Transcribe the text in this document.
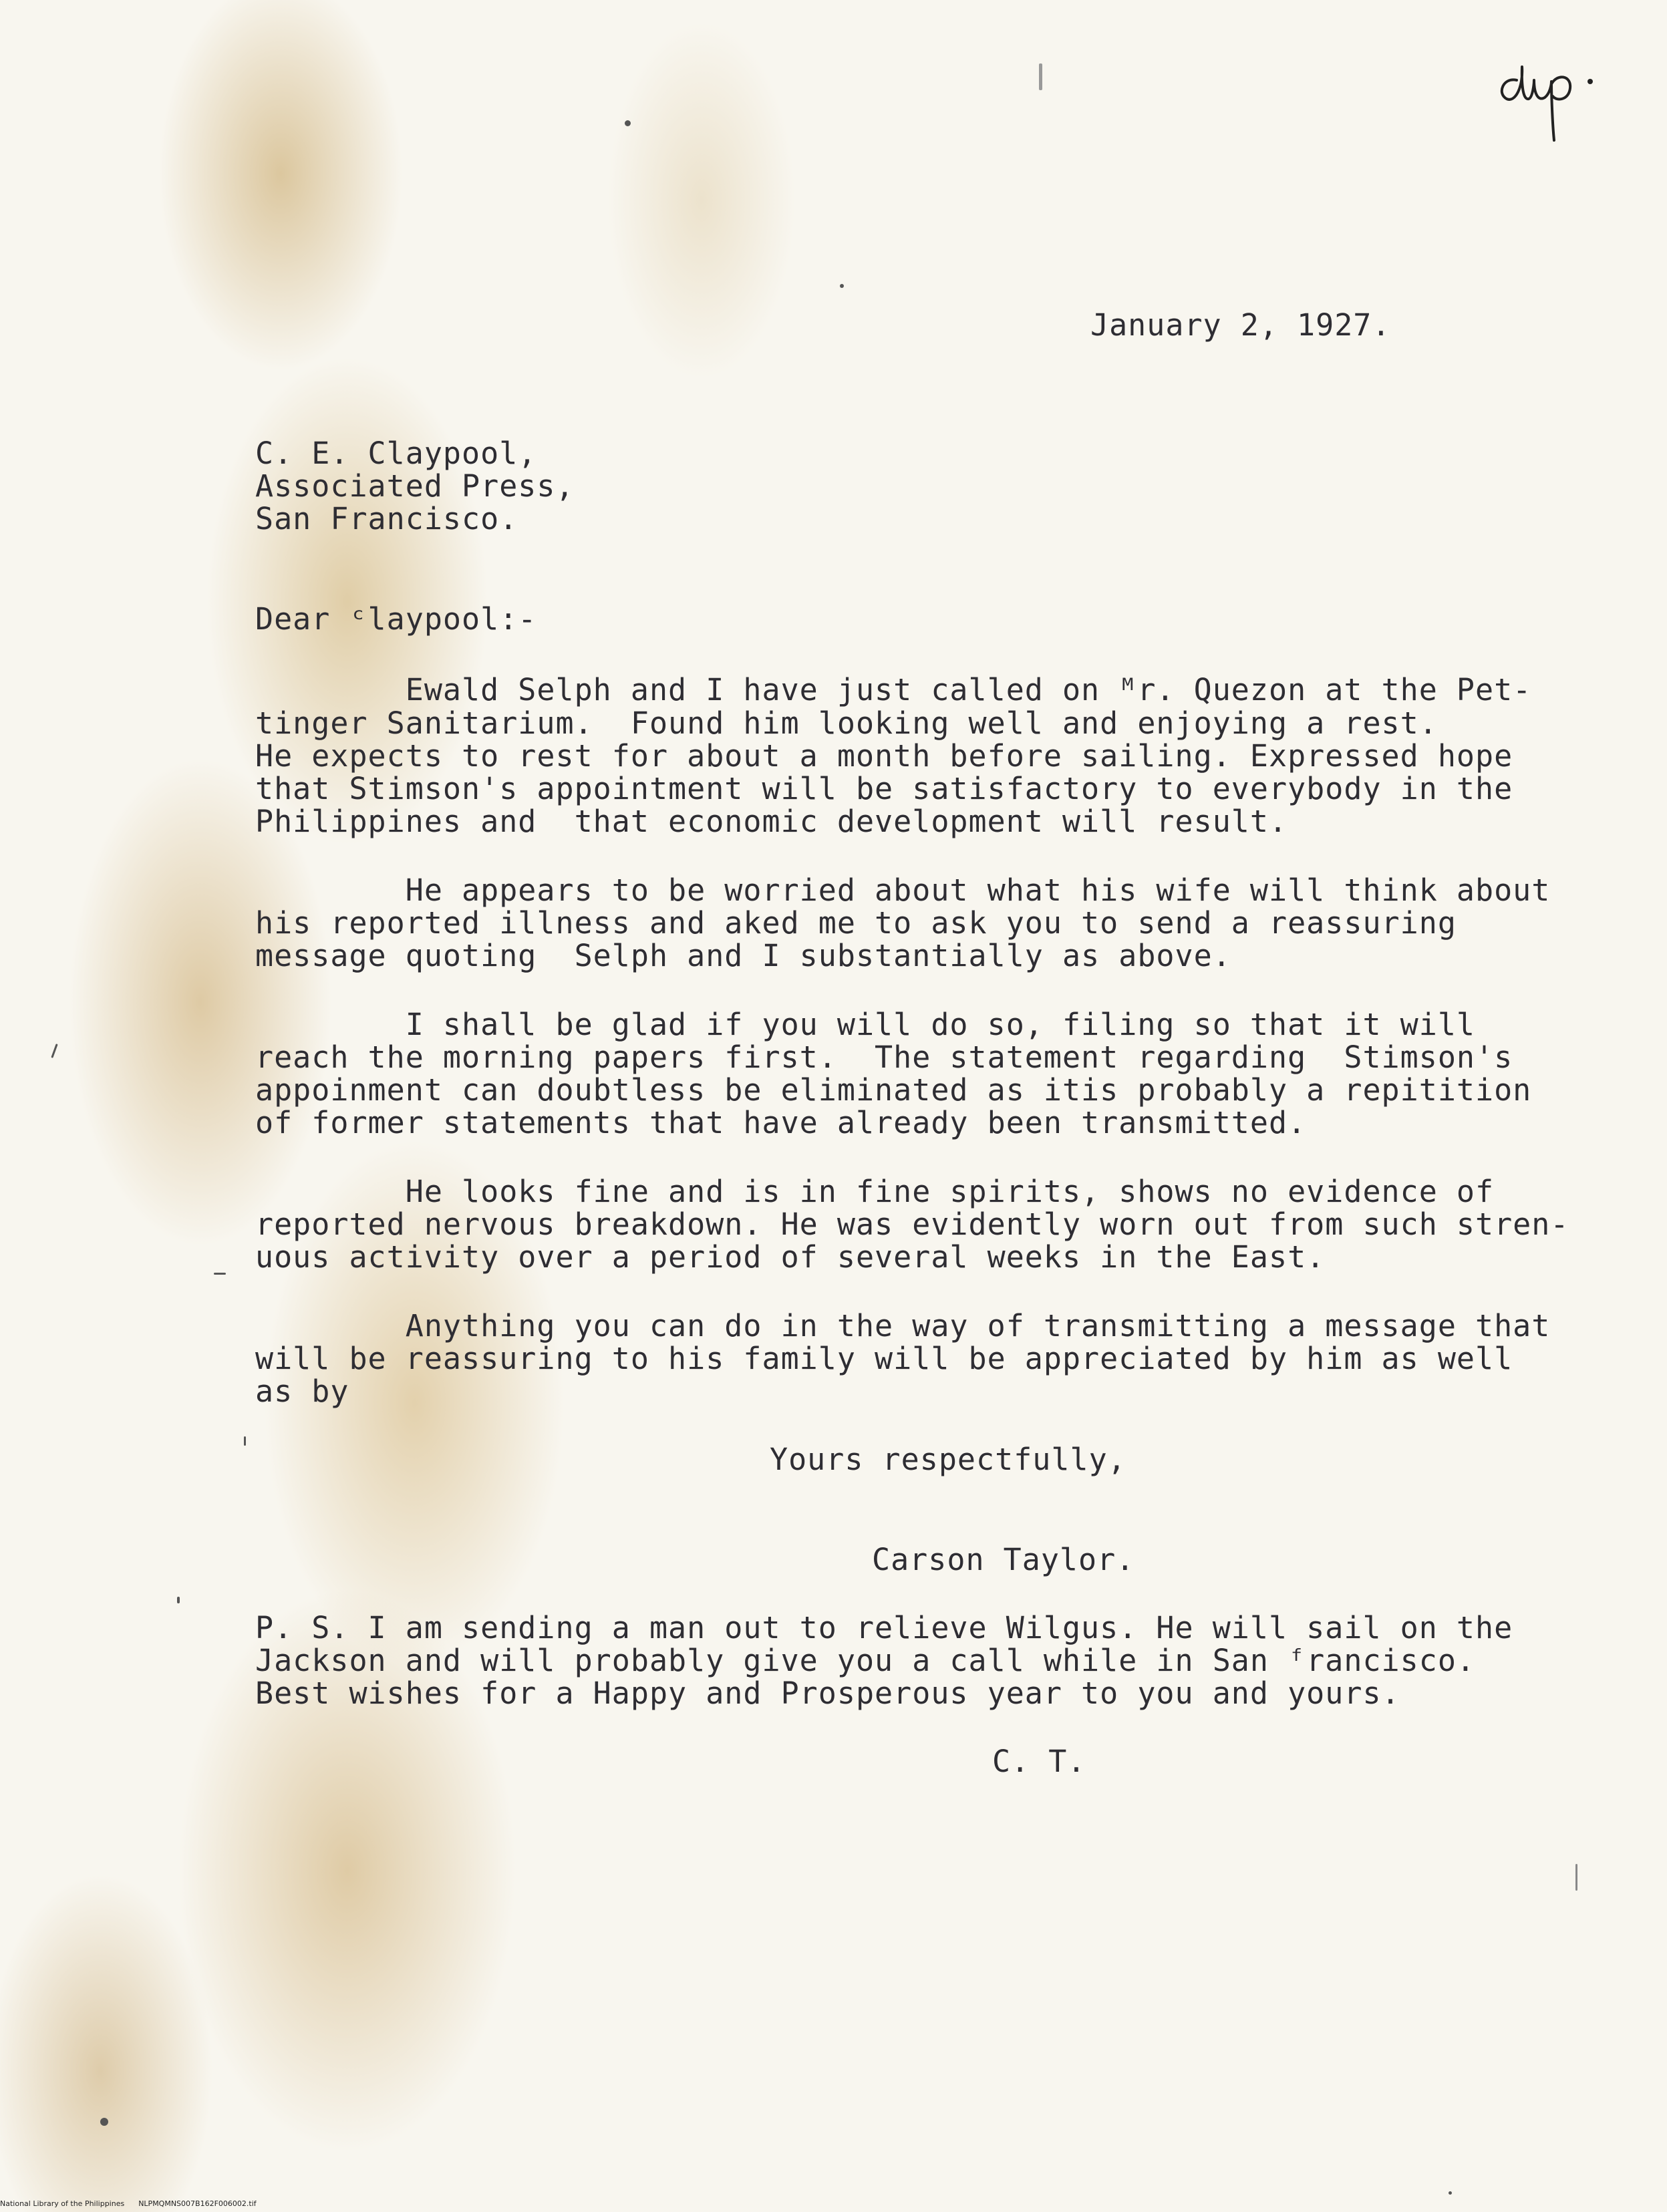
January 2, 1927.
C. E. Claypool,
Associated Press,
San Francisco.
Dear ᶜlaypool:-
Ewald Selph and I have just called on ᴹr. Quezon at the Pet-
tinger Sanitarium.  Found him looking well and enjoying a rest.
He expects to rest for about a month before sailing. Expressed hope
that Stimson's appointment will be satisfactory to everybody in the
Philippines and  that economic development will result.
He appears to be worried about what his wife will think about
his reported illness and aked me to ask you to send a reassuring
message quoting  Selph and I substantially as above.
I shall be glad if you will do so, filing so that it will
reach the morning papers first.  The statement regarding  Stimson's
appoinment can doubtless be eliminated as itis probably a repitition
of former statements that have already been transmitted.
He looks fine and is in fine spirits, shows no evidence of
reported nervous breakdown. He was evidently worn out from such stren-
uous activity over a period of several weeks in the East.
Anything you can do in the way of transmitting a message that
will be reassuring to his family will be appreciated by him as well
as by
Yours respectfully,
Carson Taylor.
P. S. I am sending a man out to relieve Wilgus. He will sail on the
Jackson and will probably give you a call while in San ᶠrancisco.
Best wishes for a Happy and Prosperous year to you and yours.
C. T.
National Library of the Philippines NLPMQMNS007B162F006002.tif
